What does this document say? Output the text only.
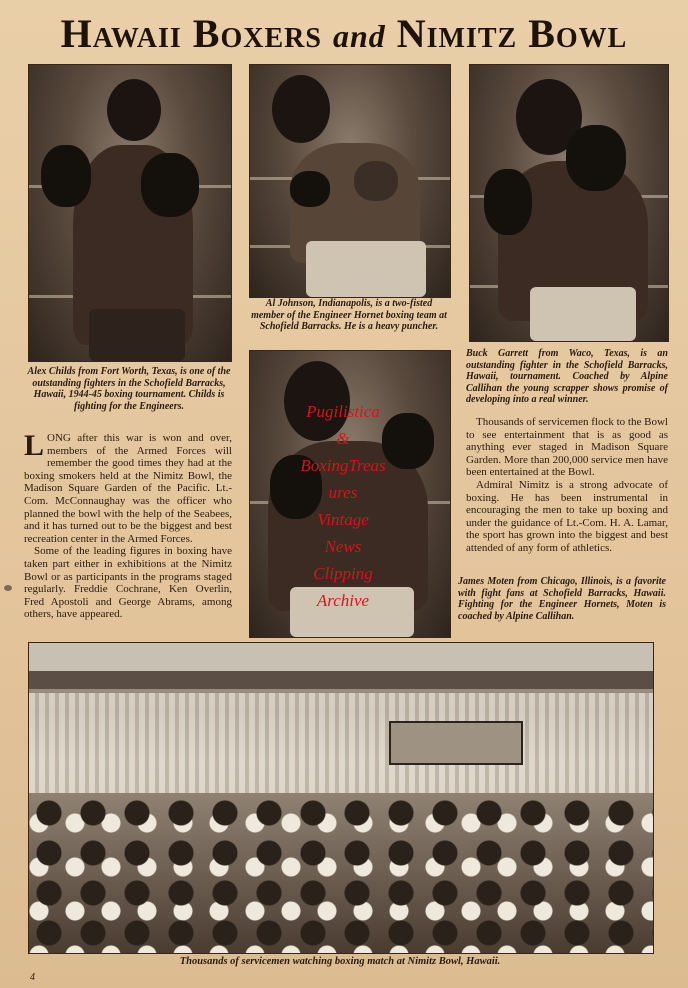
Hawaii Boxers and Nimitz Bowl
Alex Childs from Fort Worth, Texas, is one of the outstanding fighters in the Schofield Barracks, Hawaii, 1944-45 boxing tournament. Childs is fighting for the Engineers.
Al Johnson, Indianapolis, is a two-fisted member of the Engineer Hornet boxing team at Schofield Barracks. He is a heavy puncher.
Buck Garrett from Waco, Texas, is an outstanding fighter in the Schofield Barracks, Hawaii, tournament. Coached by Alpine Callihan the young scrapper shows promise of developing into a real winner.
James Moten from Chicago, Illinois, is a favorite with fight fans at Schofield Barracks, Hawaii. Fighting for the Engineer Hornets, Moten is coached by Alpine Callihan.

LONG after this war is won and over, members of the Armed Forces will remember the good times they had at the boxing smokers held at the Nimitz Bowl, the Madison Square Garden of the Pacific. Lt.-Com. McConnaughay was the officer who planned the bowl with the help of the Seabees, and it has turned out to be the biggest and best recreation center in the Armed Forces.

Some of the leading figures in boxing have taken part either in exhibitions at the Nimitz Bowl or as participants in the programs staged regularly. Freddie Cochrane, Ken Overlin, Fred Apostoli and George Abrams, among others, have appeared.

Thousands of servicemen flock to the Bowl to see entertainment that is as good as anything ever staged in Madison Square Garden. More than 200,000 service men have been entertained at the Bowl.

Admiral Nimitz is a strong advocate of boxing. He has been instrumental in encouraging the men to take up boxing and under the guidance of Lt.-Com. H. A. Lamar, the sport has grown into the biggest and best attended of any form of athletics.

Pugilistica
&
BoxingTreas
ures
Vintage
News
Clipping
Archive
Thousands of servicemen watching boxing match at Nimitz Bowl, Hawaii.
4
